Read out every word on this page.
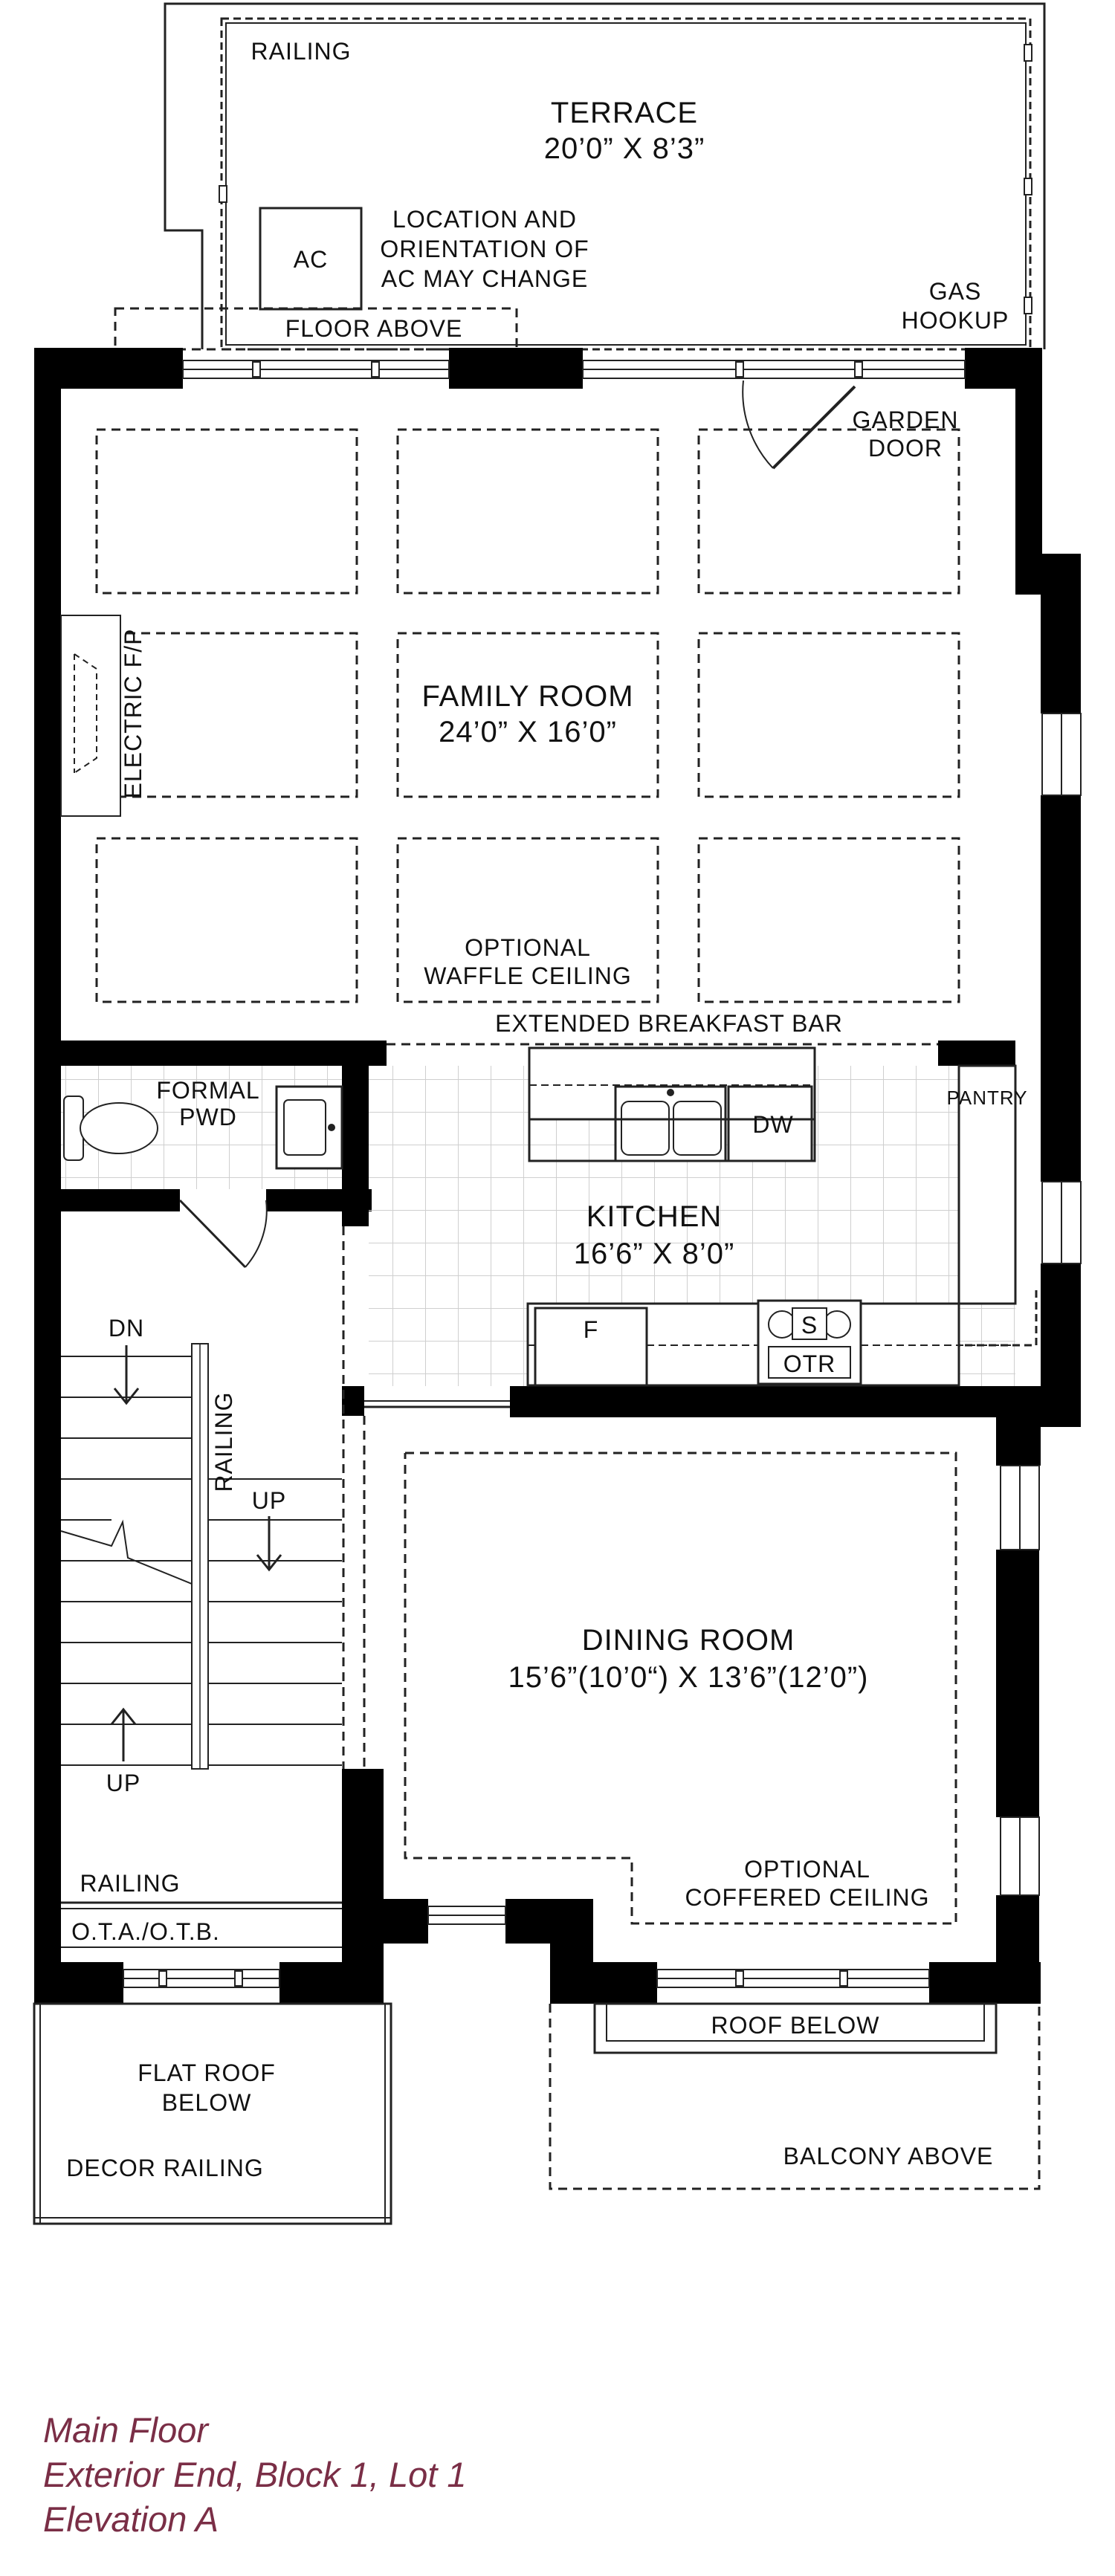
RAILING
TERRACE
20’0” X 8’3”
AC
LOCATION AND
ORIENTATION OF
AC MAY CHANGE
FLOOR ABOVE
GAS
HOOKUP
GARDEN
DOOR
ELECTRIC F/P	FAMILY ROOM
24’0” X 16’0”
OPTIONAL
WAFFLE CEILING
EXTENDED BREAKFAST BAR
FORMAL
PWD	DW
PANTRY
KITCHEN
16’6” X 8’0”
F	S
OTR
DN
RAILING
UP
UP
DINING ROOM
15’6”(10’0“) X 13’6”(12’0”)
OPTIONAL
COFFERED CEILING
RAILING
O.T.A./O.T.B.
ROOF BELOW
FLAT ROOF
BELOW
DECOR RAILING	BALCONY ABOVE
Main Floor
Exterior End, Block 1, Lot 1
Elevation A
